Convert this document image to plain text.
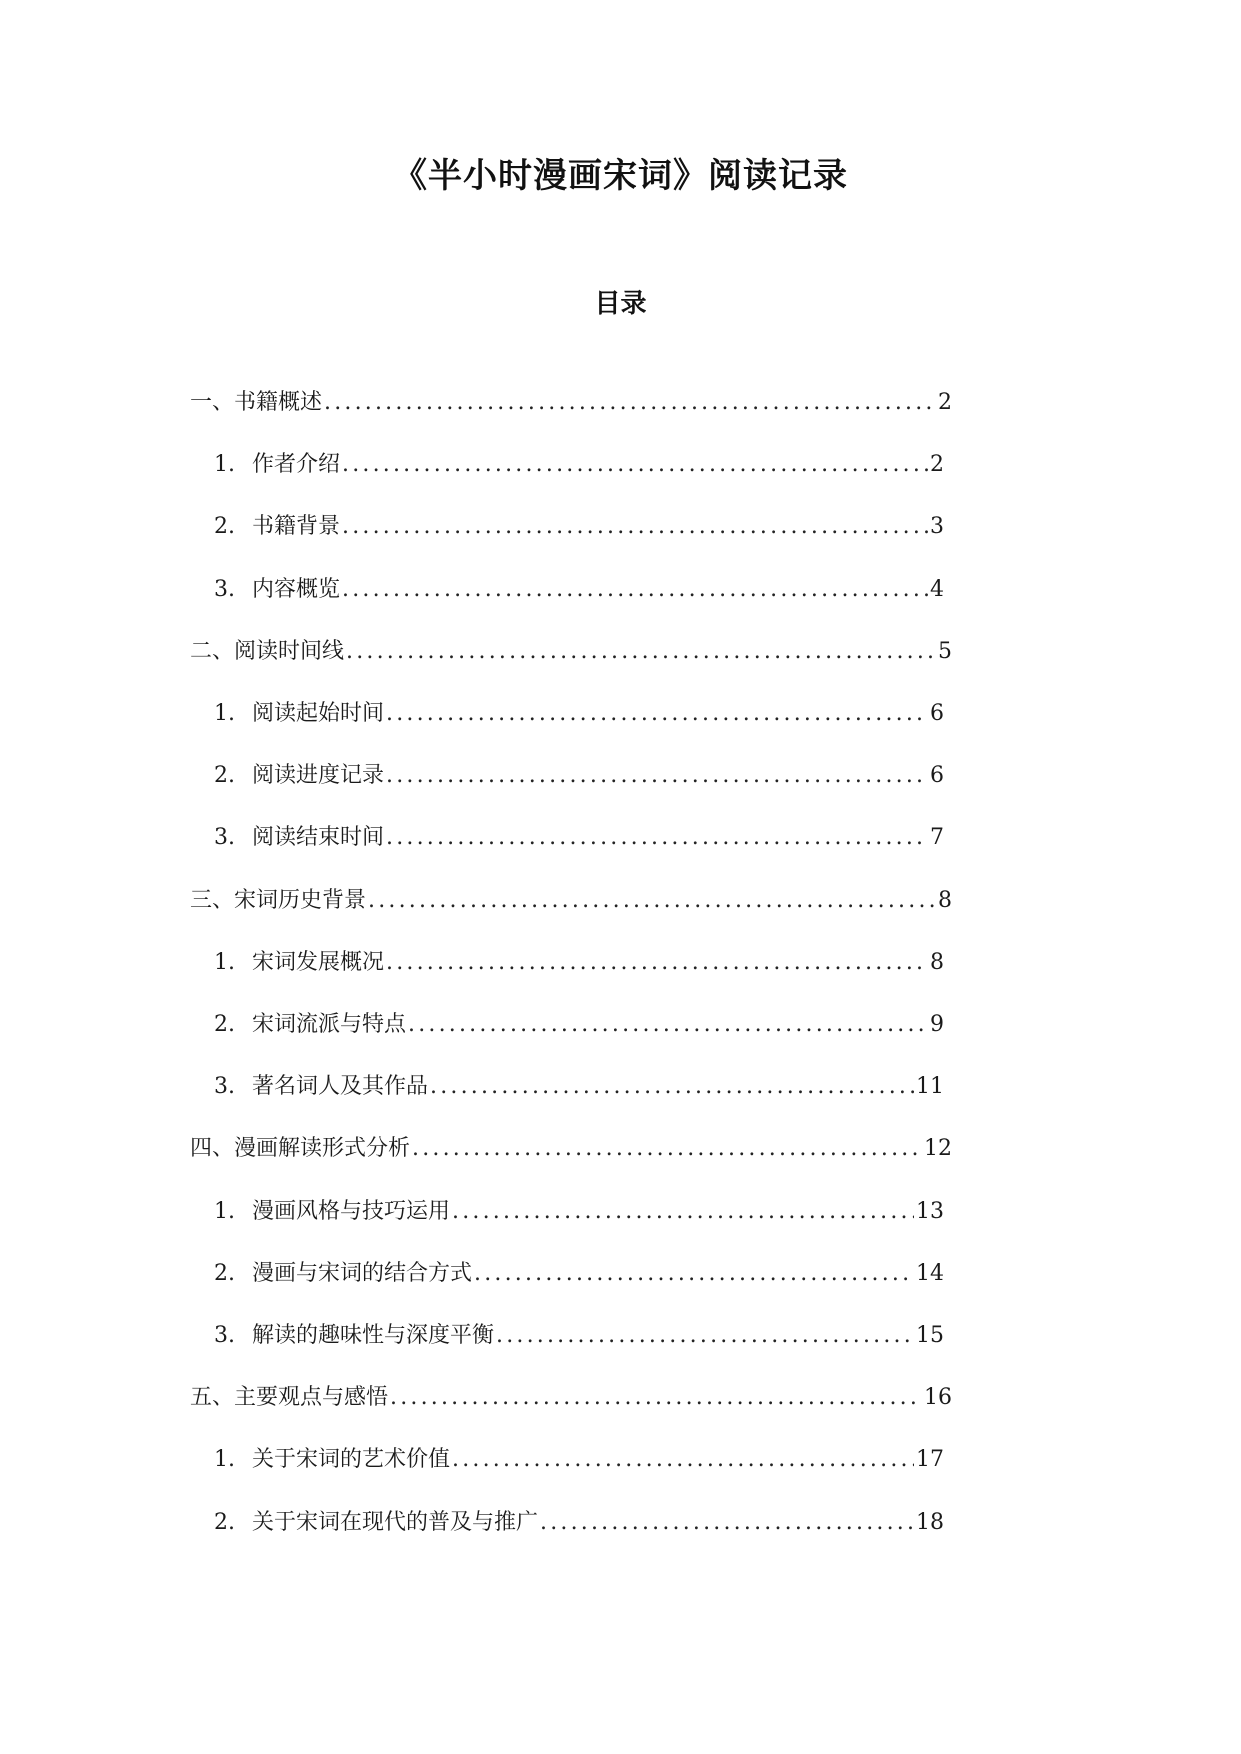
《半小时漫画宋词》阅读记录
目录
一、书籍概述 .....	2
1. 作者介绍 .....	2
2. 书籍背景 .....	3
3. 内容概览 .....	4
二、阅读时间线 .....	5
1. 阅读起始时间 .....	6
2. 阅读进度记录 .....	6
3. 阅读结束时间 .....	7
三、宋词历史背景 .....	8
1. 宋词发展概况 .....	8
2. 宋词流派与特点 .....	9
3. 著名词人及其作品 .....	11
四、漫画解读形式分析 .....	12
1. 漫画风格与技巧运用 .....	13
2. 漫画与宋词的结合方式 .....	14
3. 解读的趣味性与深度平衡 .....	15
五、主要观点与感悟 .....	16
1. 关于宋词的艺术价值 .....	17
2. 关于宋词在现代的普及与推广 .....	18
